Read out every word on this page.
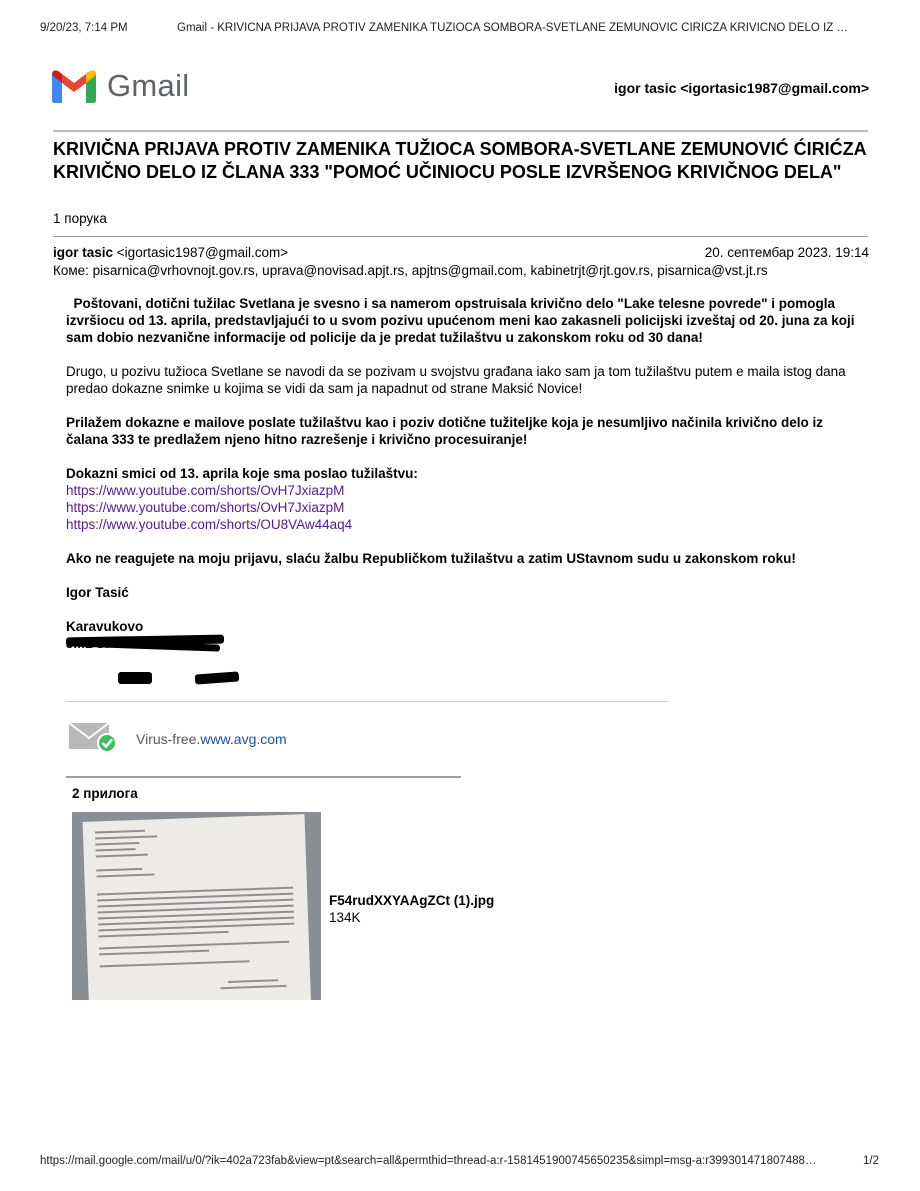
9/20/23, 7:14 PM	Gmail - KRIVIČNA PRIJAVA PROTIV ZAMENIKA TUŽIOCA SOMBORA-SVETLANE ZEMUNOVIĆ ĆIRIĆZA KRIVIČNO DELO IZ …
Gmail	igor tasic <igortasic1987@gmail.com>
KRIVIČNA PRIJAVA PROTIV ZAMENIKA TUŽIOCA SOMBORA-SVETLANE ZEMUNOVIĆ ĆIRIĆZA KRIVIČNO DELO IZ ČLANA 333 "POMOĆ UČINIOCU POSLE IZVRŠENOG KRIVIČNOG DELA"
1 порука
igor tasic <igortasic1987@gmail.com>	20. септембар 2023. 19:14
Коме: pisarnica@vrhovnojt.gov.rs, uprava@novisad.apjt.rs, apjtns@gmail.com, kabinetrjt@rjt.gov.rs, pisarnica@vst.jt.rs

Poštovani, dotični tužilac Svetlana je svesno i sa namerom opstruisala krivično delo "Lake telesne povrede" i pomogla izvršiocu od 13. aprila, predstavljajući to u svom pozivu upućenom meni kao zakasneli policijski izveštaj od 20. juna za koji sam dobio nezvanične informacije od policije da je predat tužilaštvu u zakonskom roku od 30 dana!

Drugo, u pozivu tužioca Svetlane se navodi da se pozivam u svojstvu građana iako sam ja tom tužilaštvu putem e maila istog dana predao dokazne snimke u kojima se vidi da sam ja napadnut od strane Maksić Novice!

Prilažem dokazne e mailove poslate tužilaštvu kao i poziv dotične tužiteljke koja je nesumljivo načinila krivično delo iz čalana 333 te predlažem njeno hitno razrešenje i krivično procesuiranje!

Dokazni smici od 13. aprila koje sma poslao tužilaštvu:

https://www.youtube.com/shorts/OvH7JxiazpM
https://www.youtube.com/shorts/OvH7JxiazpM
https://www.youtube.com/shorts/OU8VAw44aq4

Ako ne reagujete na moju prijavu, slaću žalbu Republičkom tužilaštvu a zatim UStavnom sudu u zakonskom roku!

Igor Tasić

Karavukovo

Virus-free.www.avg.com
2 прилога
F54rudXXYAAgZCt (1).jpg
134K
https://mail.google.com/mail/u/0/?ik=402a723fab&view=pt&search=all&permthid=thread-a:r-1581451900745650235&simpl=msg-a:r399301471807488…	1/2
